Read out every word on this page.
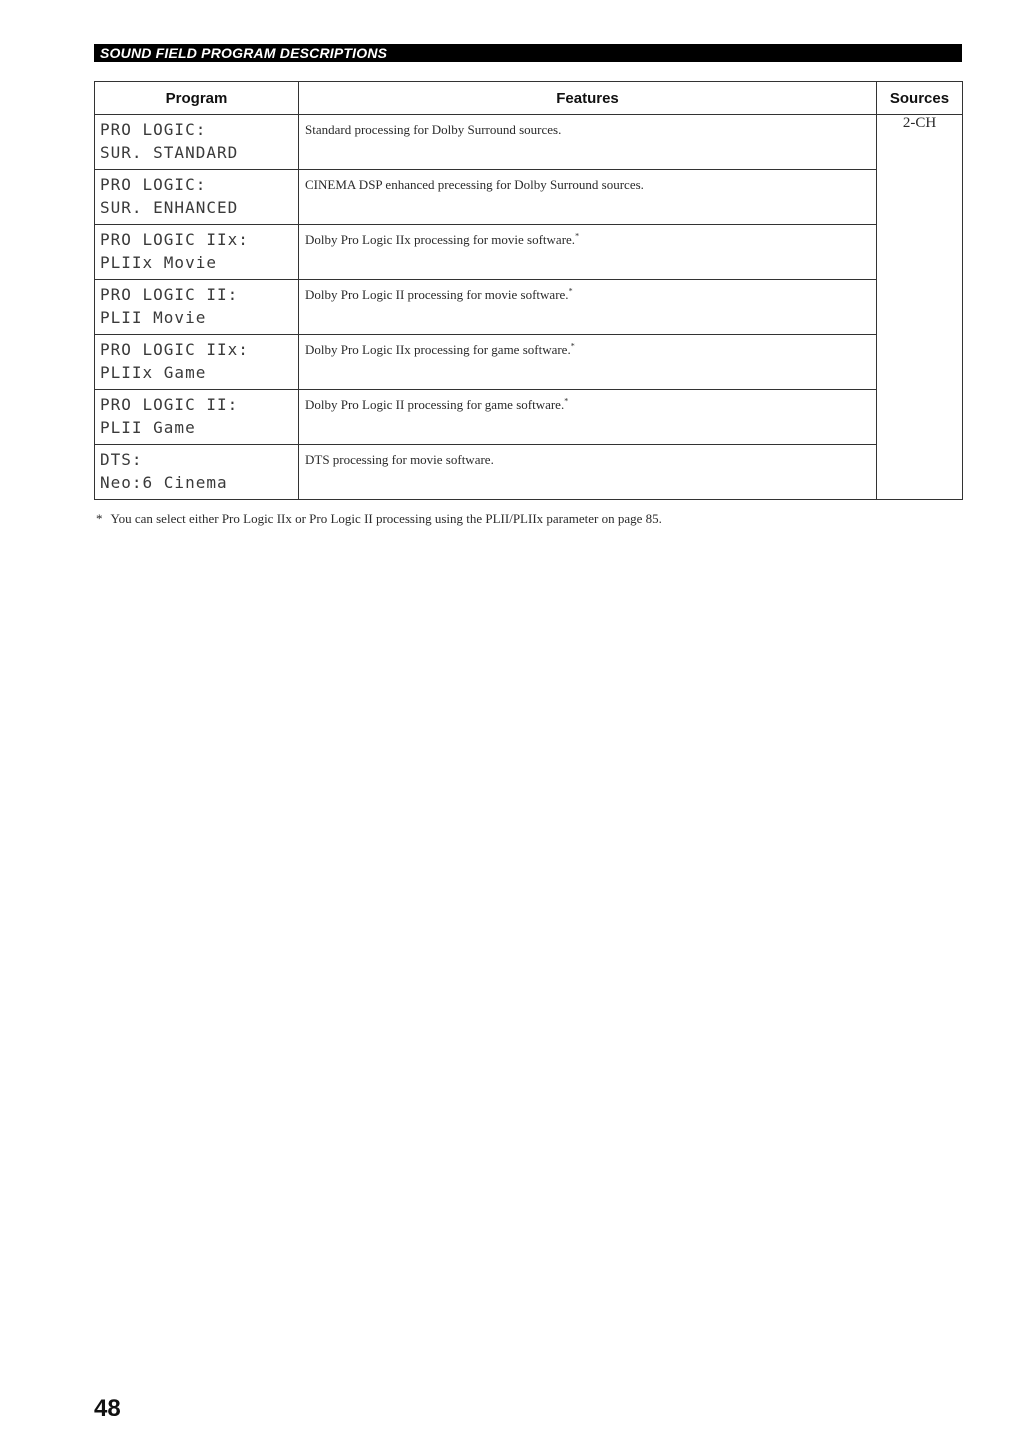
SOUND FIELD PROGRAM DESCRIPTIONS
Program	Features	Sources

PRO LOGIC:
SUR. STANDARD	Standard processing for Dolby Surround sources.	2-CH

PRO LOGIC:
SUR. ENHANCED	CINEMA DSP enhanced precessing for Dolby Surround sources.	

PRO LOGIC IIx:
PLIIx Movie	Dolby Pro Logic IIx processing for movie software.*

PRO LOGIC II:
PLII Movie	Dolby Pro Logic II processing for movie software.*

PRO LOGIC IIx:
PLIIx Game	Dolby Pro Logic IIx processing for game software.*

PRO LOGIC II:
PLII Game	Dolby Pro Logic II processing for game software.*

DTS:
Neo:6 Cinema	DTS processing for movie software.	
* You can select either Pro Logic IIx or Pro Logic II processing using the PLII/PLIIx parameter on page 85.
48
